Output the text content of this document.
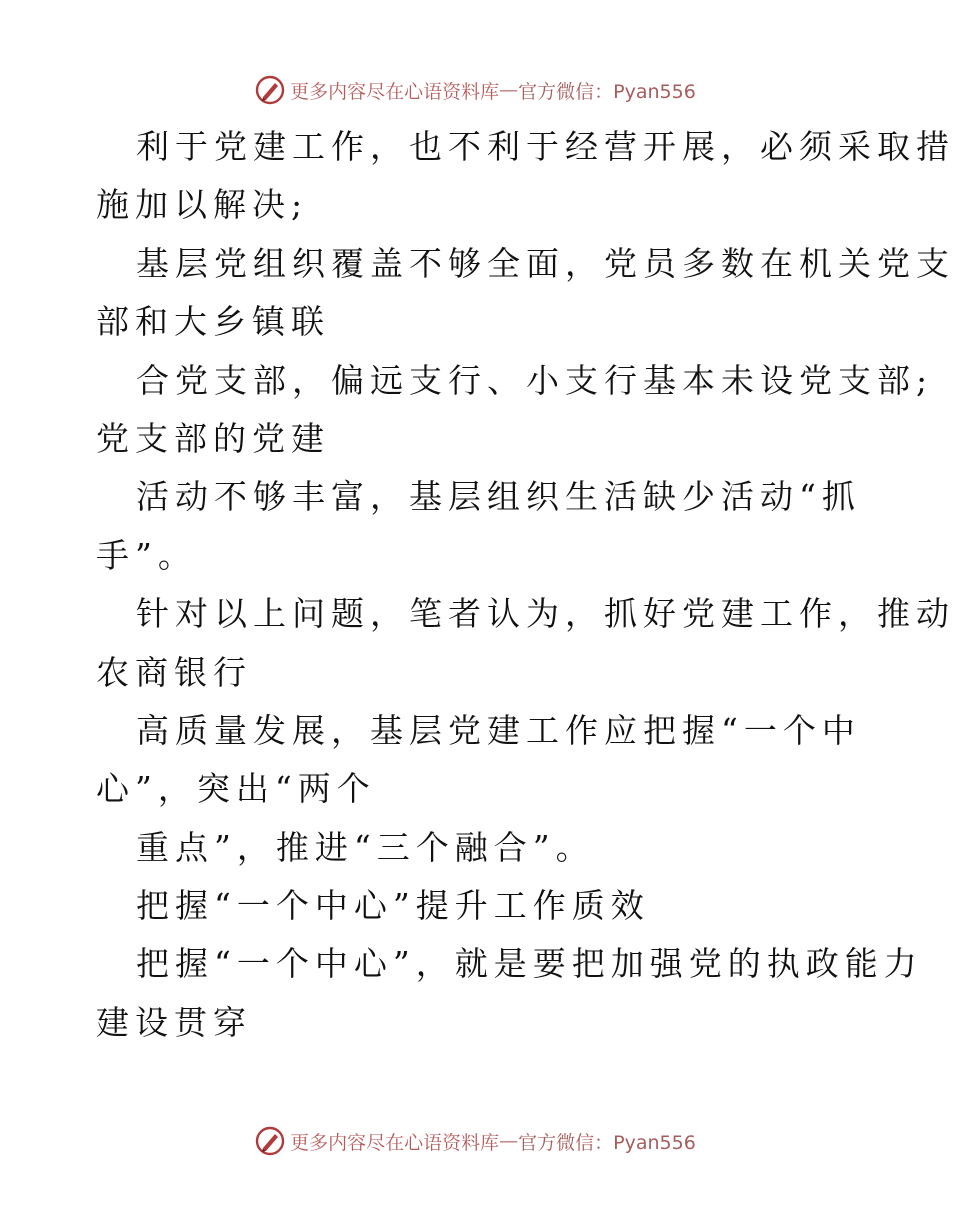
更多内容尽在心语资料库 — 官方微信：Pyan556
利于党建工作，也不利于经营开展，必须采取措
施加以解决;
基层党组织覆盖不够全面，党员多数在机关党支
部和大乡镇联
合党支部，偏远支行、小支行基本未设党支部;
党支部的党建
活动不够丰富，基层组织生活缺少活动“抓
手”。
针对以上问题，笔者认为，抓好党建工作，推动
农商银行
高质量发展，基层党建工作应把握“一个中
心”，突出“两个
重点”，推进“三个融合”。
把握“一个中心”提升工作质效
把握“一个中心”，就是要把加强党的执政能力
建设贯穿
更多内容尽在心语资料库 — 官方微信：Pyan556
